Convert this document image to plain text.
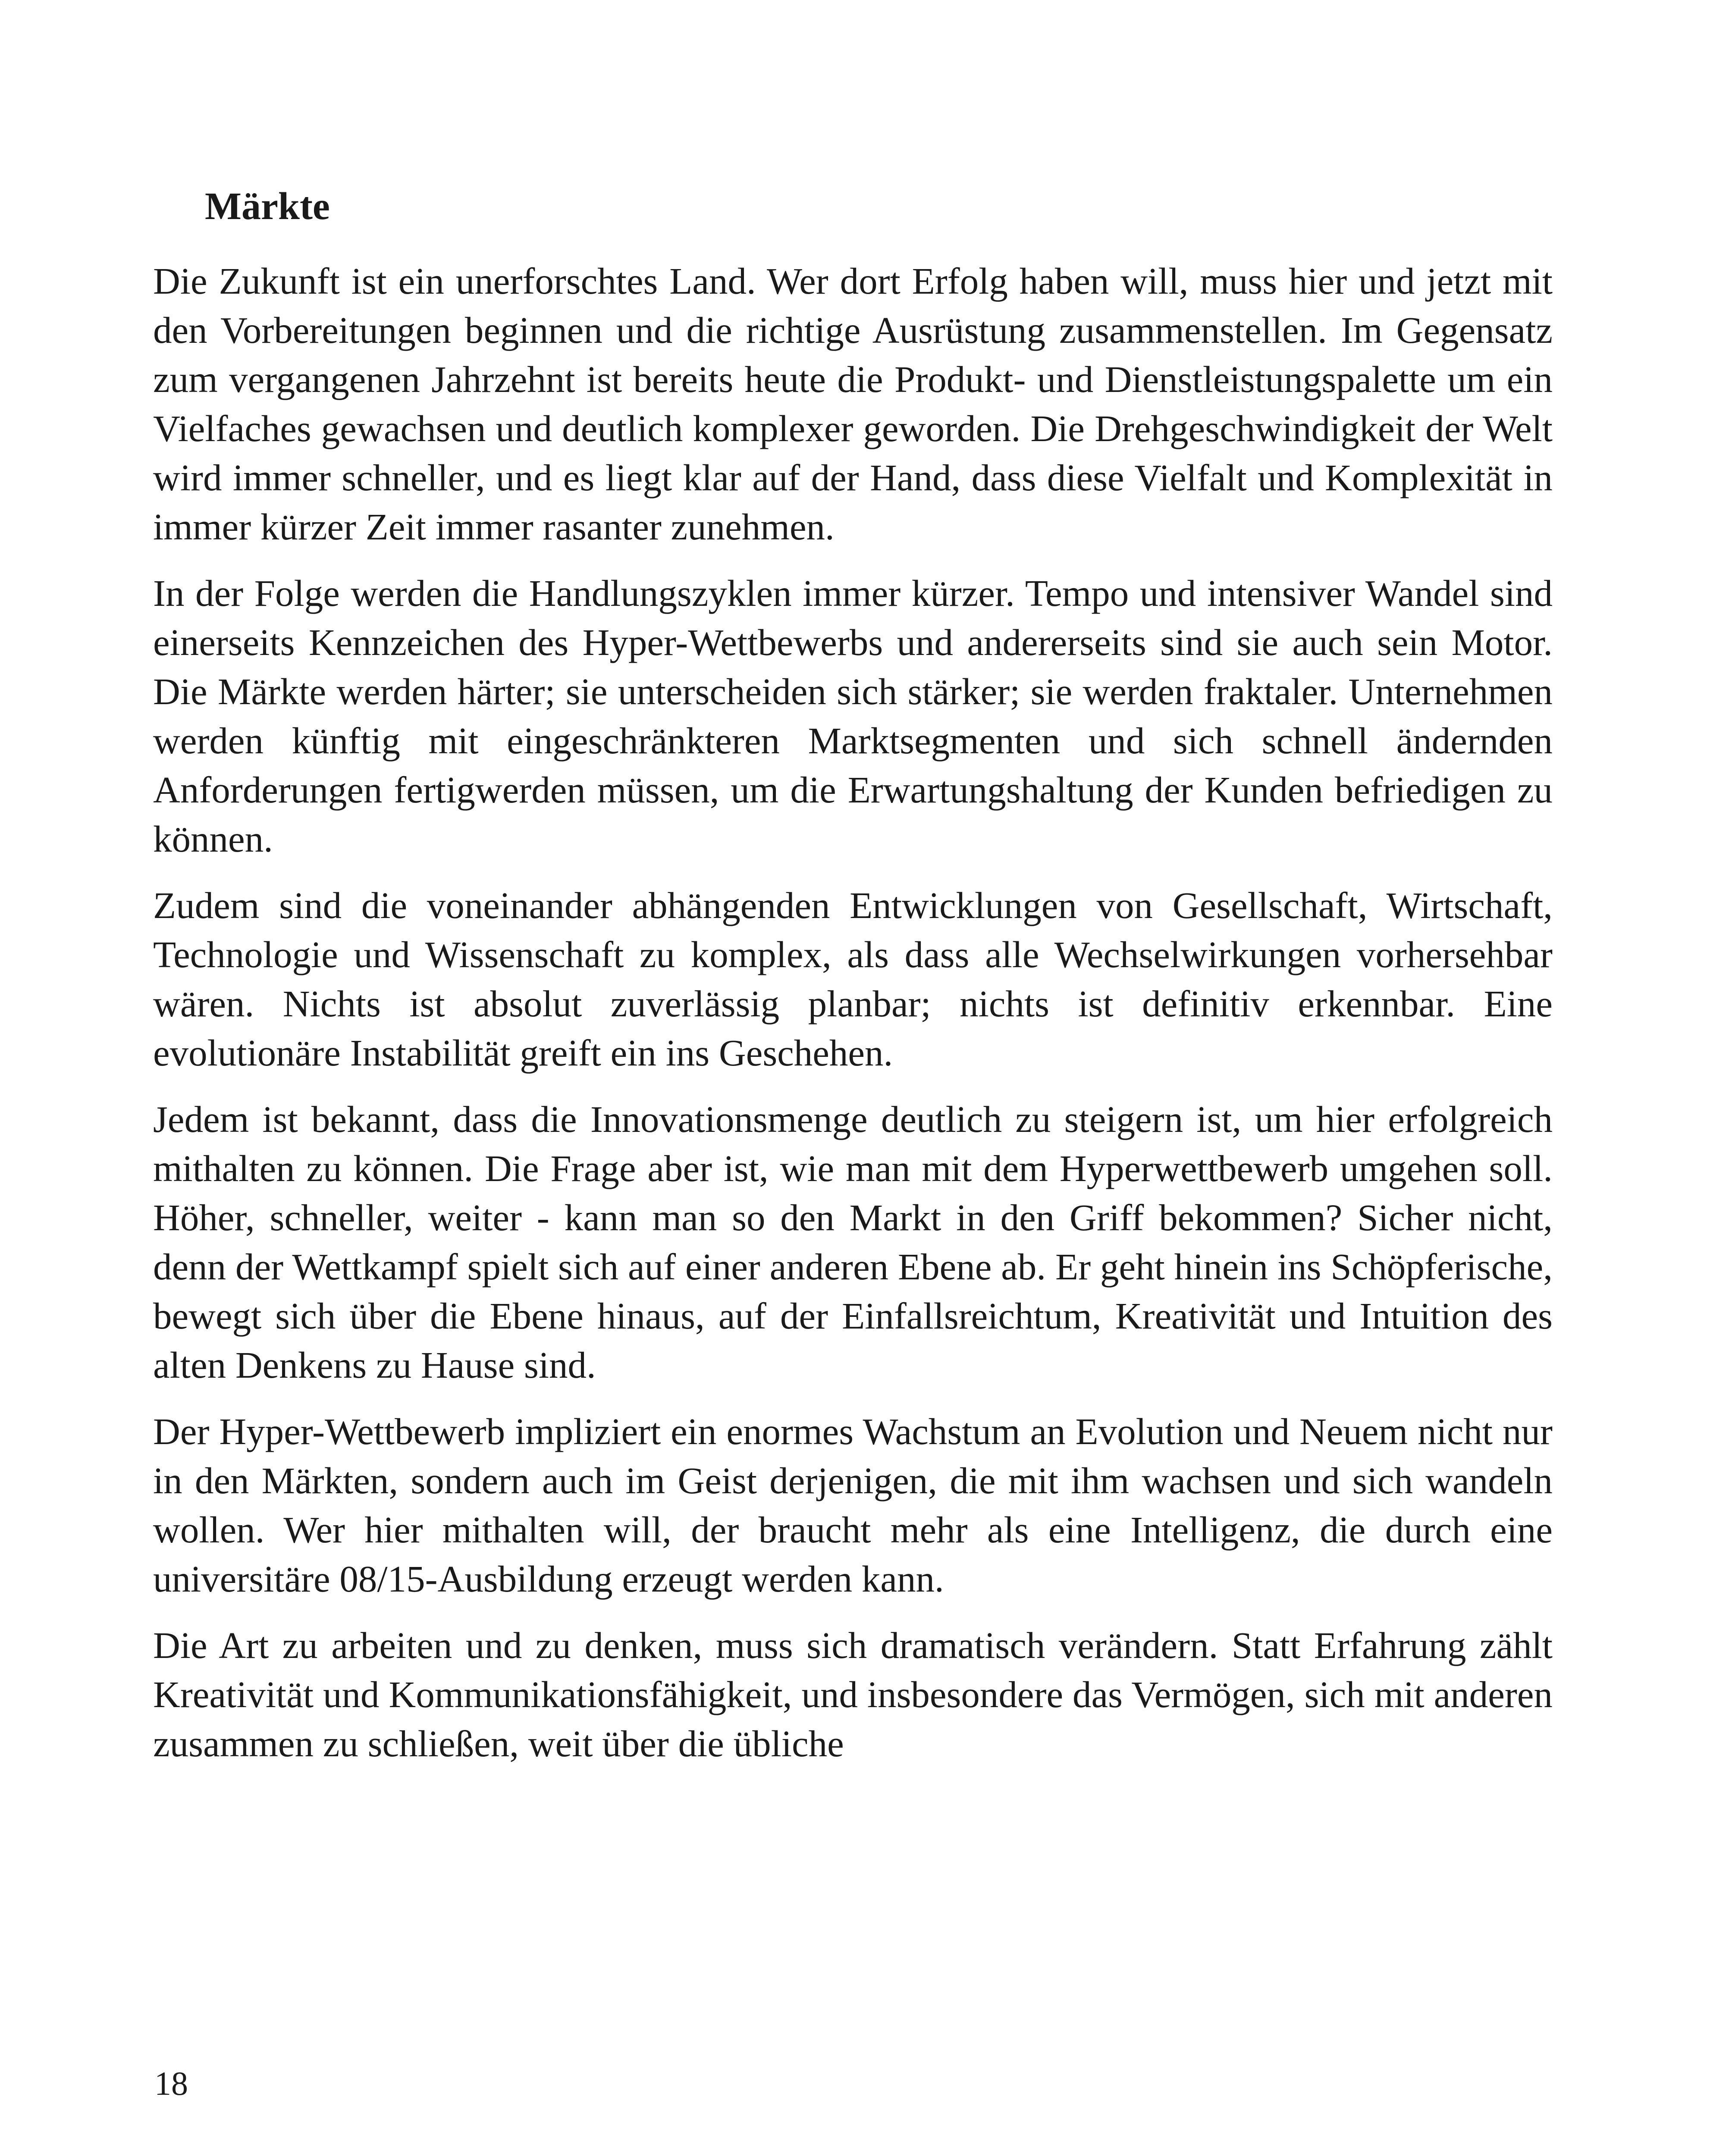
Märkte

Die Zukunft ist ein unerforschtes Land. Wer dort Erfolg haben will, muss hier und jetzt mit den Vorbereitungen beginnen und die richtige Ausrüstung zusammenstellen. Im Gegensatz zum vergangenen Jahrzehnt ist bereits heute die Produkt- und Dienstleistungspalette um ein Vielfaches gewachsen und deutlich komplexer geworden. Die Drehgeschwindigkeit der Welt wird immer schneller, und es liegt klar auf der Hand, dass diese Vielfalt und Komplexität in immer kürzer Zeit immer rasanter zunehmen.

In der Folge werden die Handlungszyklen immer kürzer. Tempo und intensiver Wandel sind einerseits Kennzeichen des Hyper-Wettbewerbs und andererseits sind sie auch sein Motor. Die Märkte werden härter; sie unterscheiden sich stärker; sie werden fraktaler. Unternehmen werden künftig mit eingeschränkteren Marktsegmenten und sich schnell ändernden Anforderungen fertigwerden müssen, um die Erwartungshaltung der Kunden befriedigen zu können.

Zudem sind die voneinander abhängenden Entwicklungen von Gesellschaft, Wirtschaft, Technologie und Wissenschaft zu komplex, als dass alle Wechselwirkungen vorhersehbar wären. Nichts ist absolut zuverlässig planbar; nichts ist definitiv erkennbar. Eine evolutionäre Instabilität greift ein ins Geschehen.

Jedem ist bekannt, dass die Innovationsmenge deutlich zu steigern ist, um hier erfolgreich mithalten zu können. Die Frage aber ist, wie man mit dem Hyperwettbewerb umgehen soll. Höher, schneller, weiter - kann man so den Markt in den Griff bekommen? Sicher nicht, denn der Wettkampf spielt sich auf einer anderen Ebene ab. Er geht hinein ins Schöpferische, bewegt sich über die Ebene hinaus, auf der Einfallsreichtum, Kreativität und Intuition des alten Denkens zu Hause sind.

Der Hyper-Wettbewerb impliziert ein enormes Wachstum an Evolution und Neuem nicht nur in den Märkten, sondern auch im Geist derjenigen, die mit ihm wachsen und sich wandeln wollen. Wer hier mithalten will, der braucht mehr als eine Intelligenz, die durch eine universitäre 08/15-Ausbildung erzeugt werden kann.

Die Art zu arbeiten und zu denken, muss sich dramatisch verändern. Statt Erfahrung zählt Kreativität und Kommunikationsfähigkeit, und insbesondere das Vermögen, sich mit anderen zusammen zu schließen, weit über die übliche

18
